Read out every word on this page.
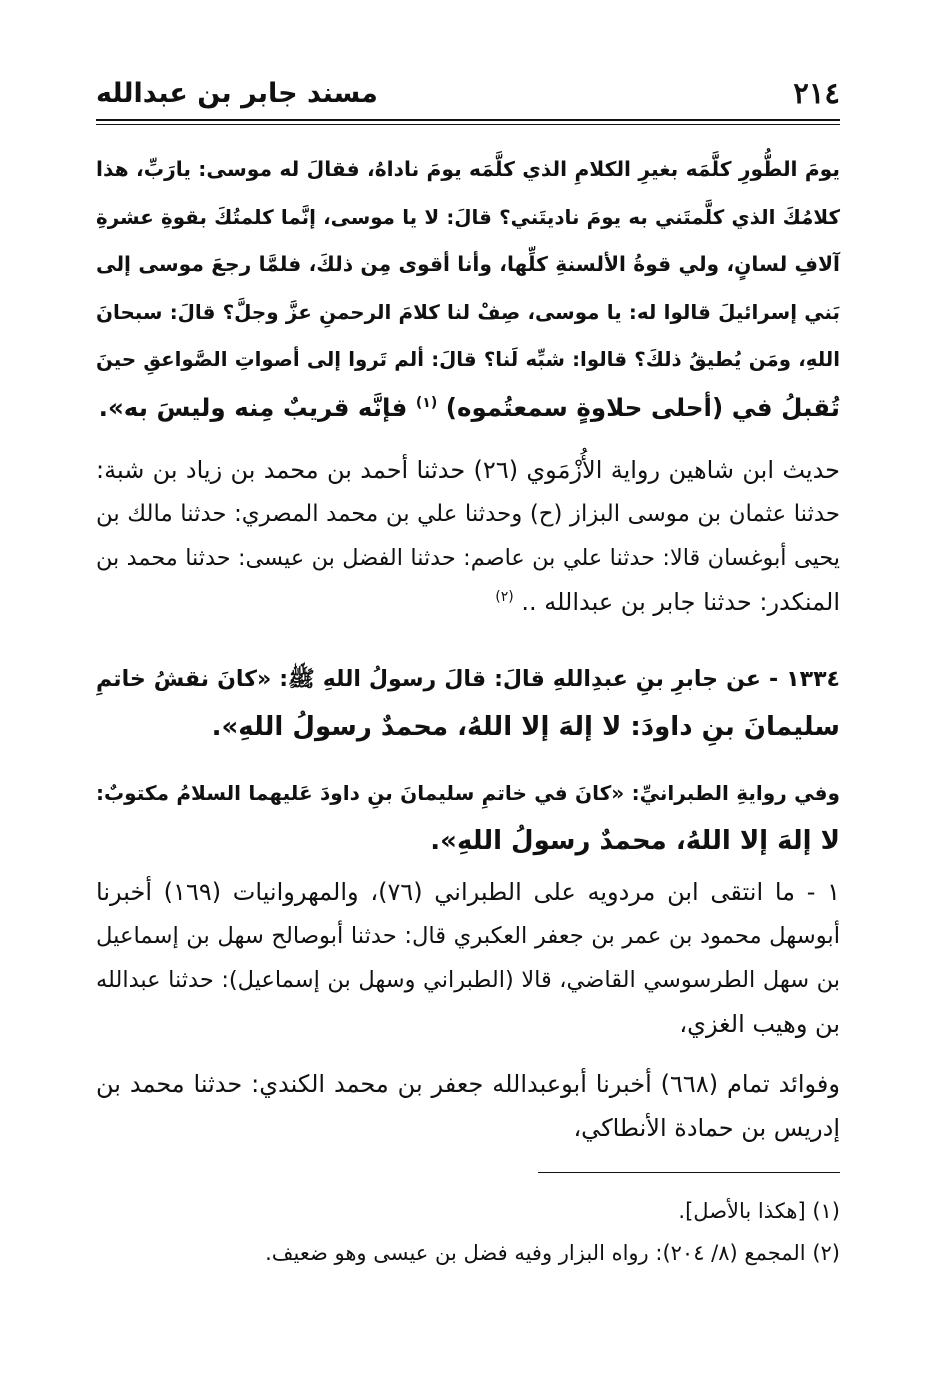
٢١٤
مسند جابر بن عبدالله
يومَ الطُّورِ كلَّمَه بغيرِ الكلامِ الذي كلَّمَه يومَ ناداهُ، فقالَ له موسى: يارَبِّ، هذا
كلامُكَ الذي كلَّمتَني به يومَ ناديتَني؟ قالَ: لا يا موسى، إنَّما كلمتُكَ بقوةِ عشرةِ
آلافِ لسانٍ، ولي قوةُ الألسنةِ كلِّها، وأنا أقوى مِن ذلكَ، فلمَّا رجعَ موسى إلى
بَني إسرائيلَ قالوا له: يا موسى، صِفْ لنا كلامَ الرحمنِ عزَّ وجلَّ؟ قالَ: سبحانَ
اللهِ، ومَن يُطيقُ ذلكَ؟ قالوا: شبِّه لَنا؟ قالَ: ألم تَروا إلى أصواتِ الصَّواعقِ حينَ
تُقبلُ في (أحلى حلاوةٍ سمعتُموه) $^{(١)}$ فإنَّه قريبٌ مِنه وليسَ به».
حديث ابن شاهين رواية الأُزْمَوي (٢٦) حدثنا أحمد بن محمد بن زياد بن شبة:
حدثنا عثمان بن موسى البزاز (ح) وحدثنا علي بن محمد المصري: حدثنا مالك بن
يحيى أبوغسان قالا: حدثنا علي بن عاصم: حدثنا الفضل بن عيسى: حدثنا محمد بن
المنكدر: حدثنا جابر بن عبدالله .. $^{(٢)}$
١٣٣٤ - عن جابرِ بنِ عبدِاللهِ قالَ: قالَ رسولُ اللهِ ﷺ: «كانَ نقشُ خاتمِ
سليمانَ بنِ داودَ: لا إلهَ إلا اللهُ، محمدٌ رسولُ اللهِ».
وفي روايةِ الطبرانيِّ: «كانَ في خاتمِ سليمانَ بنِ داودَ عَليهما السلامُ مكتوبٌ:
لا إلهَ إلا اللهُ، محمدٌ رسولُ اللهِ».
١ - ما انتقى ابن مردويه على الطبراني (٧٦)، والمهروانيات (١٦٩) أخبرنا
أبوسهل محمود بن عمر بن جعفر العكبري قال: حدثنا أبوصالح سهل بن إسماعيل
بن سهل الطرسوسي القاضي، قالا (الطبراني وسهل بن إسماعيل): حدثنا عبدالله
بن وهيب الغزي،
وفوائد تمام (٦٦٨) أخبرنا أبوعبدالله جعفر بن محمد الكندي: حدثنا محمد بن
إدريس بن حمادة الأنطاكي،
(١) [هكذا بالأصل].
(٢) المجمع (٨/ ٢٠٤): رواه البزار وفيه فضل بن عيسى وهو ضعيف.
